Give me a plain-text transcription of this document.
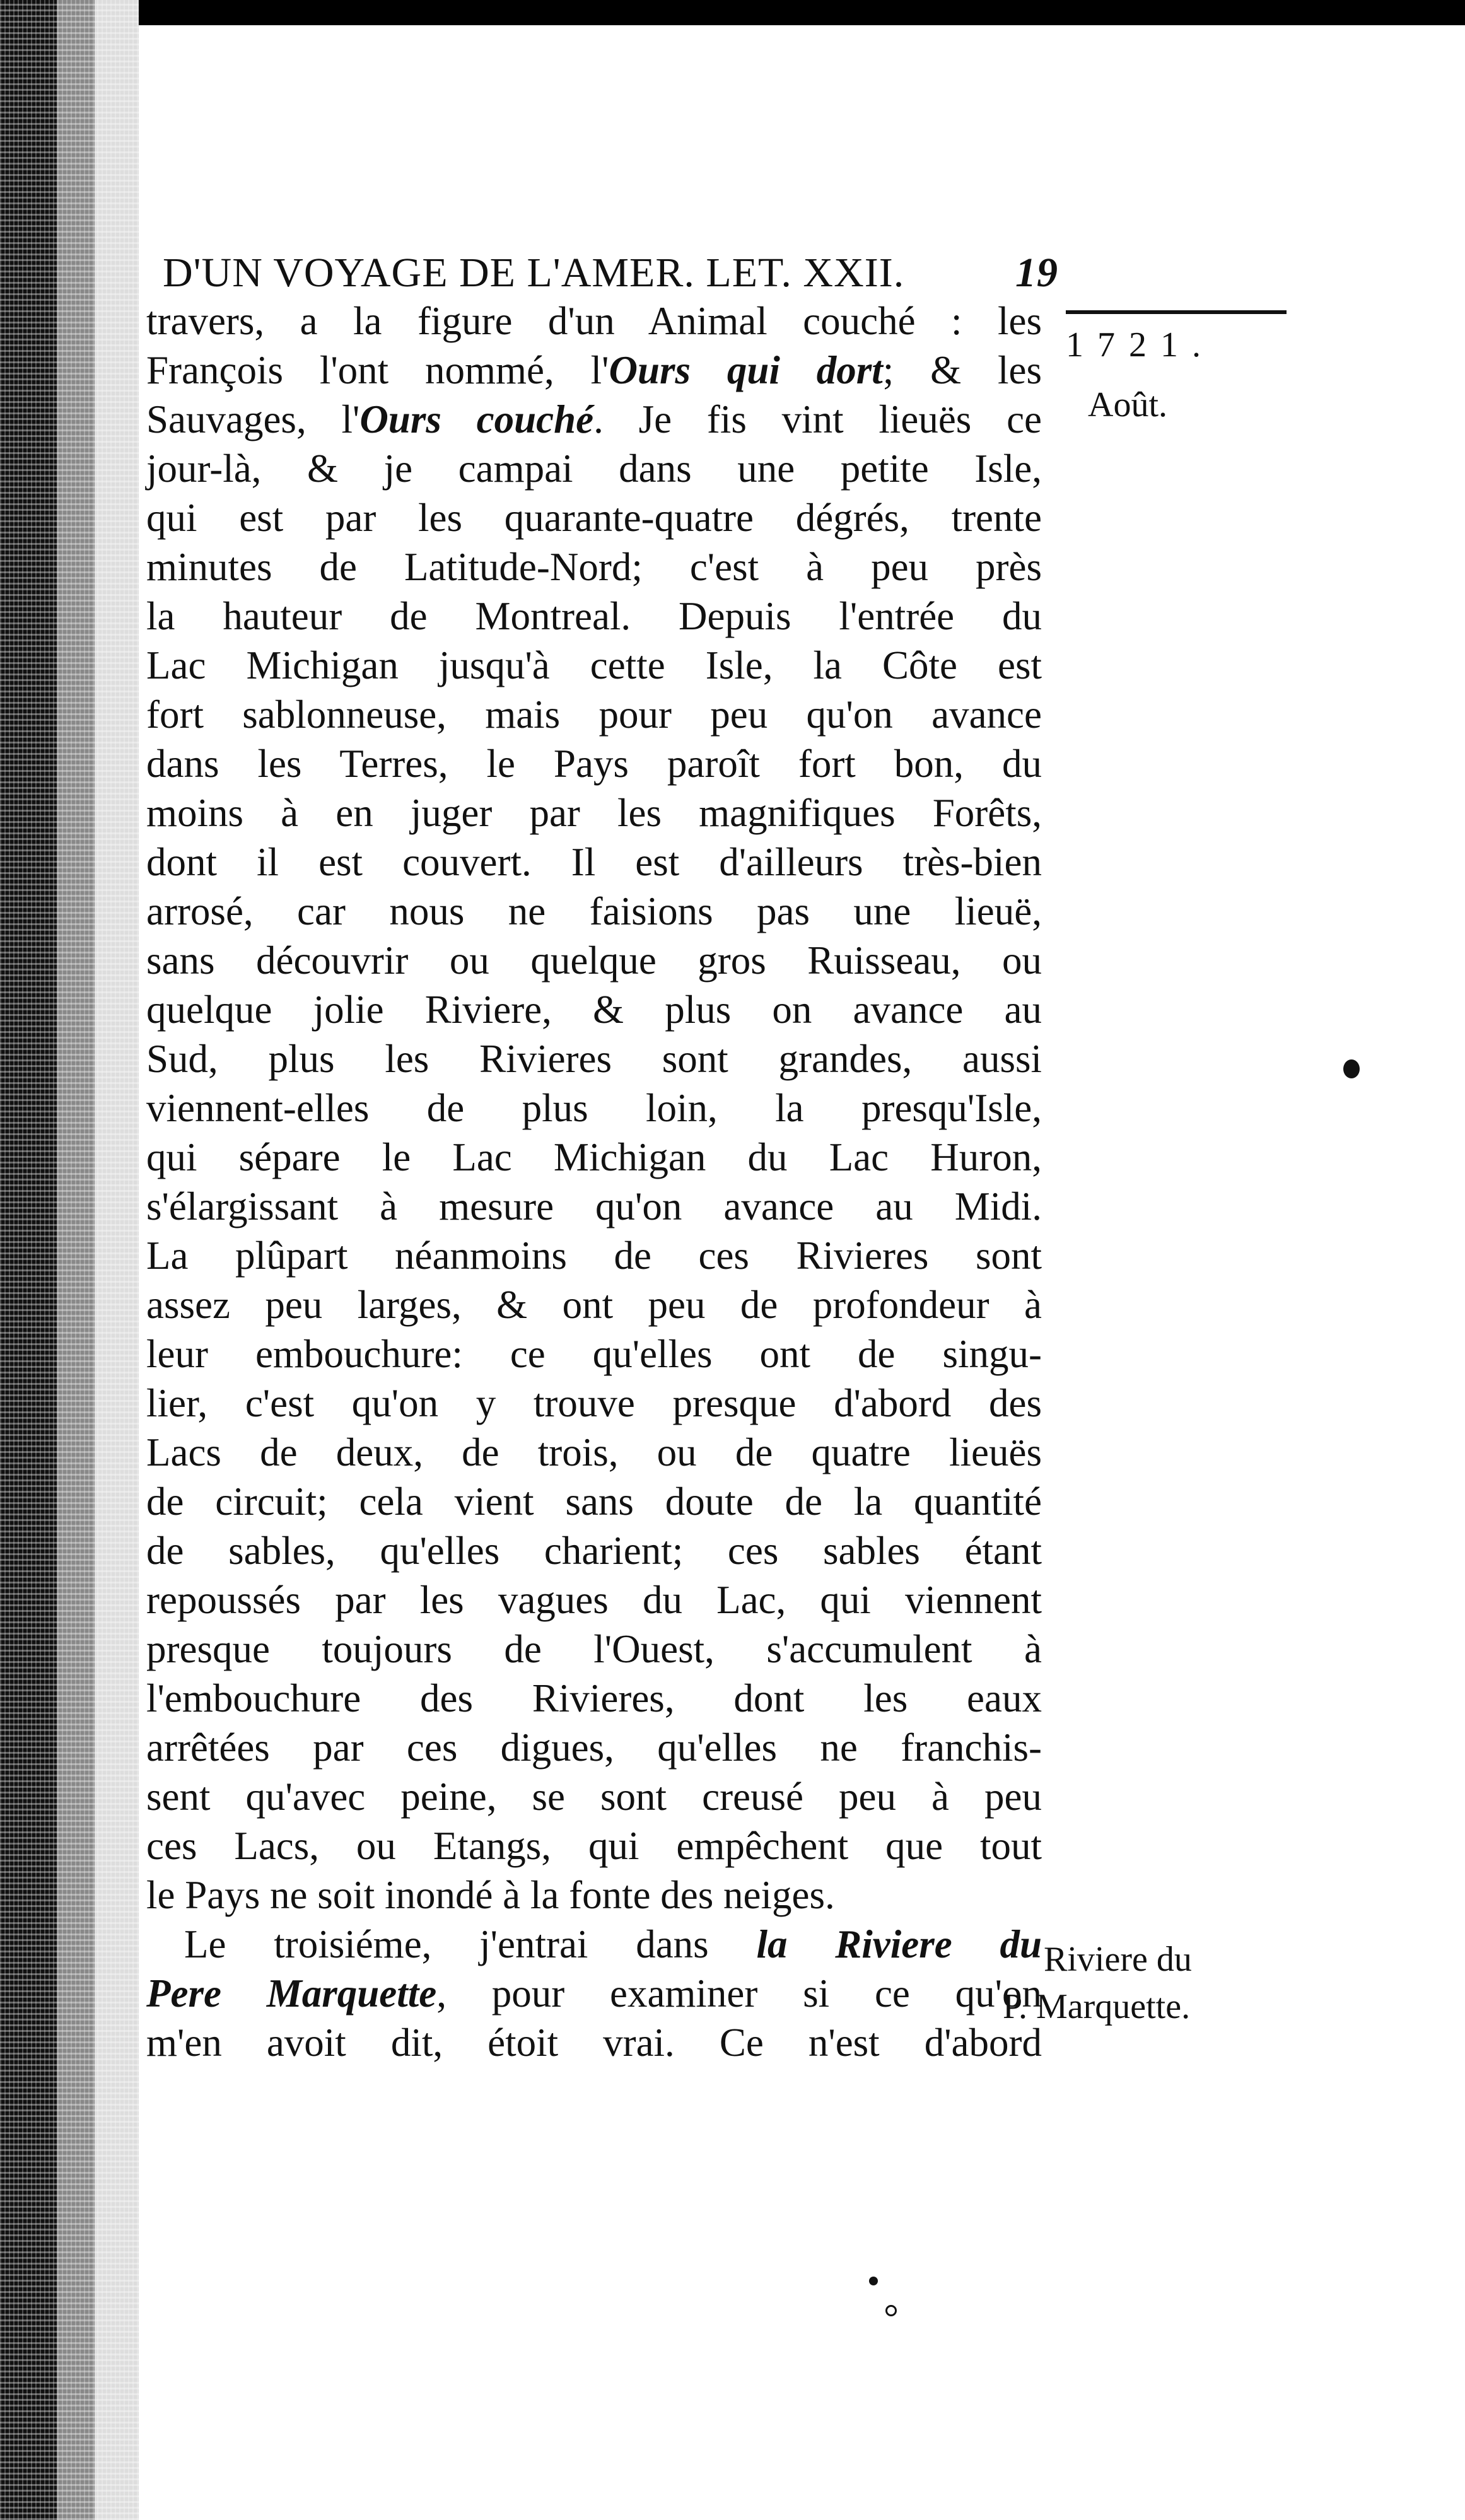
D'UN VOYAGE DE L'AMER. LET. XXII.	19
1721.
Août.
Riviere du
P. Marquette.
travers, a la figure d'un Animal couché : les
François l'ont nommé, l'Ours qui dort; & les
Sauvages, l'Ours couché. Je fis vint lieuës ce
jour-là, & je campai dans une petite Isle,
qui est par les quarante-quatre dégrés, trente
minutes de Latitude-Nord; c'est à peu près
la hauteur de Montreal. Depuis l'entrée du
Lac Michigan jusqu'à cette Isle, la Côte est
fort sablonneuse, mais pour peu qu'on avance
dans les Terres, le Pays paroît fort bon, du
moins à en juger par les magnifiques Forêts,
dont il est couvert. Il est d'ailleurs très-bien
arrosé, car nous ne faisions pas une lieuë,
sans découvrir ou quelque gros Ruisseau, ou
quelque jolie Riviere, & plus on avance au
Sud, plus les Rivieres sont grandes, aussi
viennent-elles de plus loin, la presqu'Isle,
qui sépare le Lac Michigan du Lac Huron,
s'élargissant à mesure qu'on avance au Midi.
La plûpart néanmoins de ces Rivieres sont
assez peu larges, & ont peu de profondeur à
leur embouchure: ce qu'elles ont de singu-
lier, c'est qu'on y trouve presque d'abord des
Lacs de deux, de trois, ou de quatre lieuës
de circuit; cela vient sans doute de la quantité
de sables, qu'elles charient; ces sables étant
repoussés par les vagues du Lac, qui viennent
presque toujours de l'Ouest, s'accumulent à
l'embouchure des Rivieres, dont les eaux
arrêtées par ces digues, qu'elles ne franchis-
sent qu'avec peine, se sont creusé peu à peu
ces Lacs, ou Etangs, qui empêchent que tout
le Pays ne soit inondé à la fonte des neiges.
Le troisiéme, j'entrai dans la Riviere du
Pere Marquette, pour examiner si ce qu'on
m'en avoit dit, étoit vrai. Ce n'est d'abord
